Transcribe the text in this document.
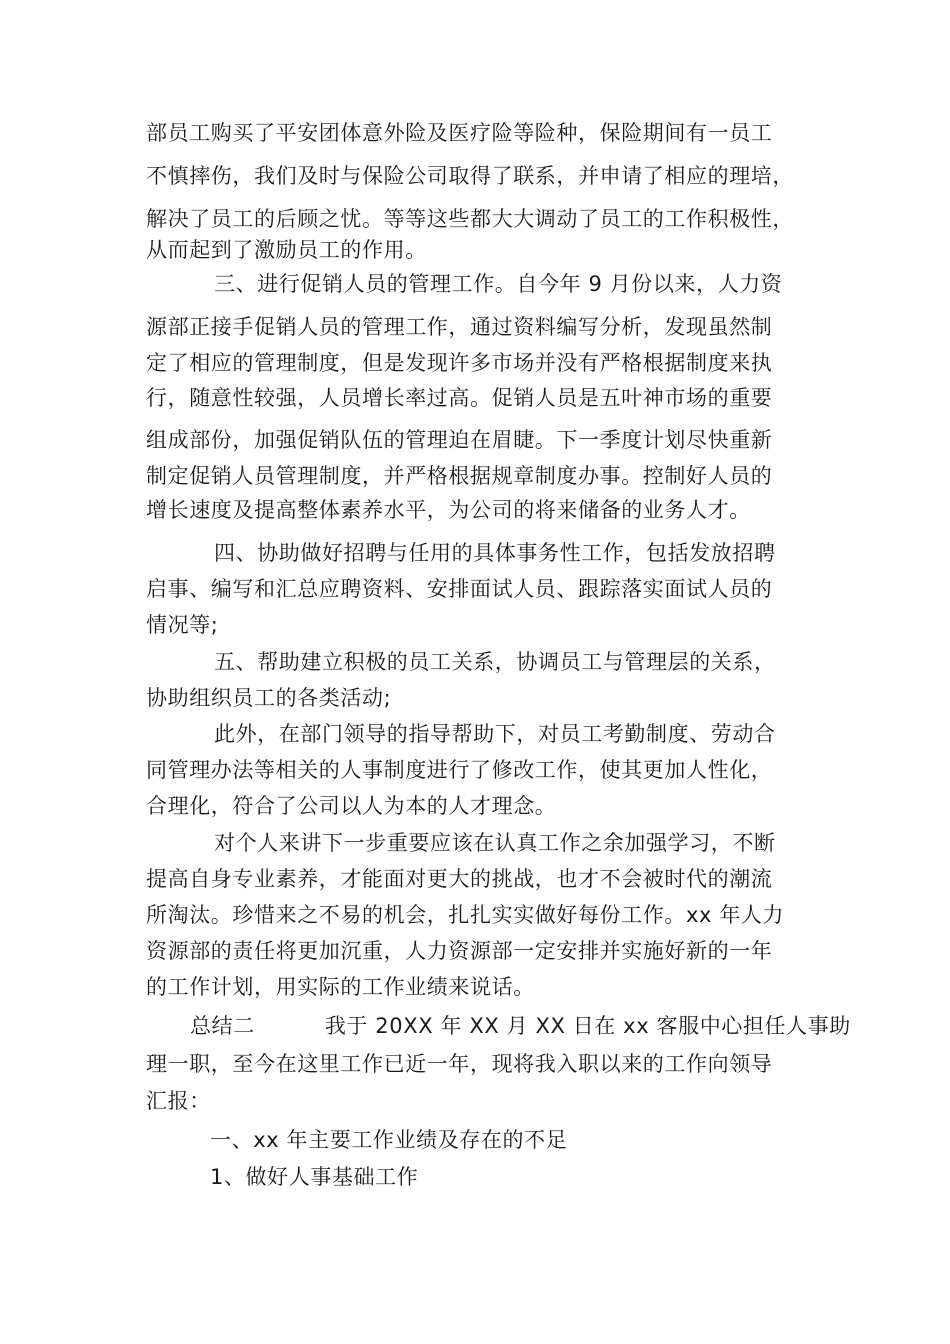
部员工购买了平安团体意外险及医疗险等险种，保险期间有一员工
不慎摔伤，我们及时与保险公司取得了联系，并申请了相应的理培，
解决了员工的后顾之忧。等等这些都大大调动了员工的工作积极性，
从而起到了激励员工的作用。
三、进行促销人员的管理工作。自今年 9 月份以来，人力资
源部正接手促销人员的管理工作，通过资料编写分析，发现虽然制
定了相应的管理制度，但是发现许多市场并没有严格根据制度来执
行，随意性较强，人员增长率过高。促销人员是五叶神市场的重要
组成部份，加强促销队伍的管理迫在眉睫。下一季度计划尽快重新
制定促销人员管理制度，并严格根据规章制度办事。控制好人员的
增长速度及提高整体素养水平，为公司的将来储备的业务人才。
四、协助做好招聘与任用的具体事务性工作，包括发放招聘
启事、编写和汇总应聘资料、安排面试人员、跟踪落实面试人员的
情况等;
五、帮助建立积极的员工关系，协调员工与管理层的关系，
协助组织员工的各类活动;
此外，在部门领导的指导帮助下，对员工考勤制度、劳动合
同管理办法等相关的人事制度进行了修改工作，使其更加人性化，
合理化，符合了公司以人为本的人才理念。
对个人来讲下一步重要应该在认真工作之余加强学习，不断
提高自身专业素养，才能面对更大的挑战，也才不会被时代的潮流
所淘汰。珍惜来之不易的机会，扎扎实实做好每份工作。xx 年人力
资源部的责任将更加沉重，人力资源部一定安排并实施好新的一年
的工作计划，用实际的工作业绩来说话。
总结二	我于 20XX 年 XX 月 XX 日在 xx 客服中心担任人事助
理一职，至今在这里工作已近一年，现将我入职以来的工作向领导
汇报：
一、xx 年主要工作业绩及存在的不足
1、做好人事基础工作
